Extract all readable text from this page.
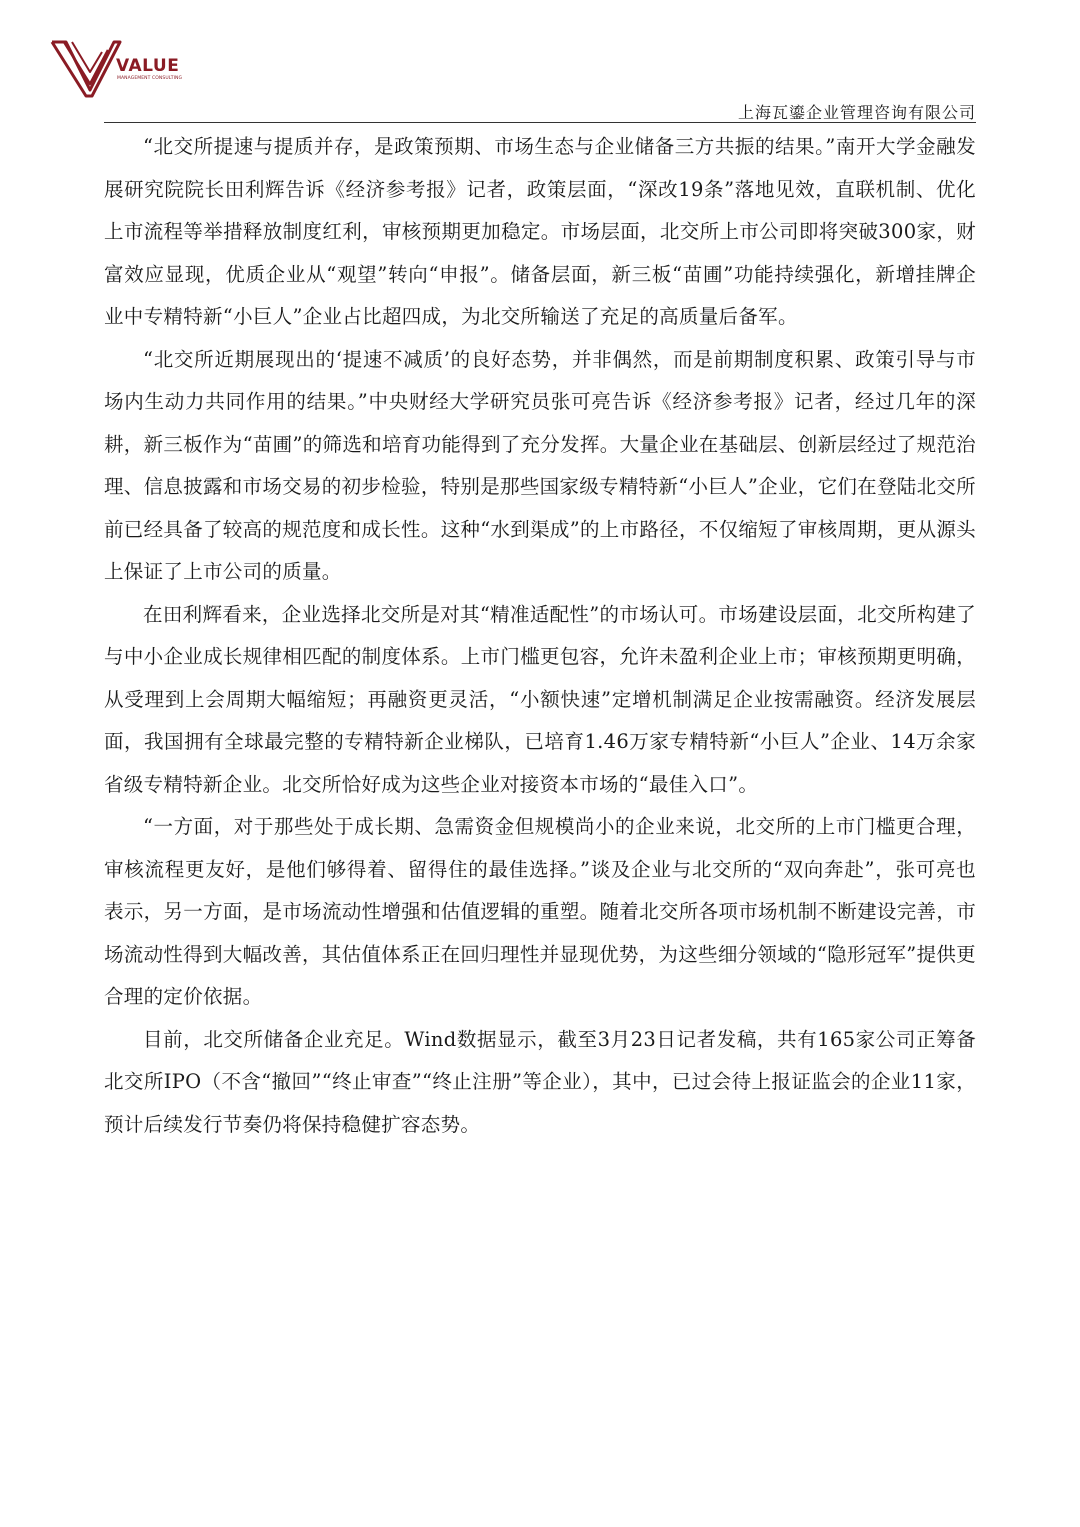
VALUE
MANAGEMENT CONSULTING
上海瓦鎏企业管理咨询有限公司

“北交所提速与提质并存，是政策预期、市场生态与企业储备三方共振的结果。”南开大学金融发展研究院院长田利辉告诉《经济参考报》记者，政策层面，“深改19条”落地见效，直联机制、优化上市流程等举措释放制度红利，审核预期更加稳定。市场层面，北交所上市公司即将突破300家，财富效应显现，优质企业从“观望”转向“申报”。储备层面，新三板“苗圃”功能持续强化，新增挂牌企业中专精特新“小巨人”企业占比超四成，为北交所输送了充足的高质量后备军。

“北交所近期展现出的‘提速不减质’的良好态势，并非偶然，而是前期制度积累、政策引导与市场内生动力共同作用的结果。”中央财经大学研究员张可亮告诉《经济参考报》记者，经过几年的深耕，新三板作为“苗圃”的筛选和培育功能得到了充分发挥。大量企业在基础层、创新层经过了规范治理、信息披露和市场交易的初步检验，特别是那些国家级专精特新“小巨人”企业，它们在登陆北交所前已经具备了较高的规范度和成长性。这种“水到渠成”的上市路径，不仅缩短了审核周期，更从源头上保证了上市公司的质量。

在田利辉看来，企业选择北交所是对其“精准适配性”的市场认可。市场建设层面，北交所构建了与中小企业成长规律相匹配的制度体系。上市门槛更包容，允许未盈利企业上市；审核预期更明确，从受理到上会周期大幅缩短；再融资更灵活，“小额快速”定增机制满足企业按需融资。经济发展层面，我国拥有全球最完整的专精特新企业梯队，已培育1.46万家专精特新“小巨人”企业、14万余家省级专精特新企业。北交所恰好成为这些企业对接资本市场的“最佳入口”。

“一方面，对于那些处于成长期、急需资金但规模尚小的企业来说，北交所的上市门槛更合理，审核流程更友好，是他们够得着、留得住的最佳选择。”谈及企业与北交所的“双向奔赴”，张可亮也表示，另一方面，是市场流动性增强和估值逻辑的重塑。随着北交所各项市场机制不断建设完善，市场流动性得到大幅改善，其估值体系正在回归理性并显现优势，为这些细分领域的“隐形冠军”提供更合理的定价依据。

目前，北交所储备企业充足。Wind数据显示，截至3月23日记者发稿，共有165家公司正筹备北交所IPO（不含“撤回”“终止审查”“终止注册”等企业），其中，已过会待上报证监会的企业11家，预计后续发行节奏仍将保持稳健扩容态势。
